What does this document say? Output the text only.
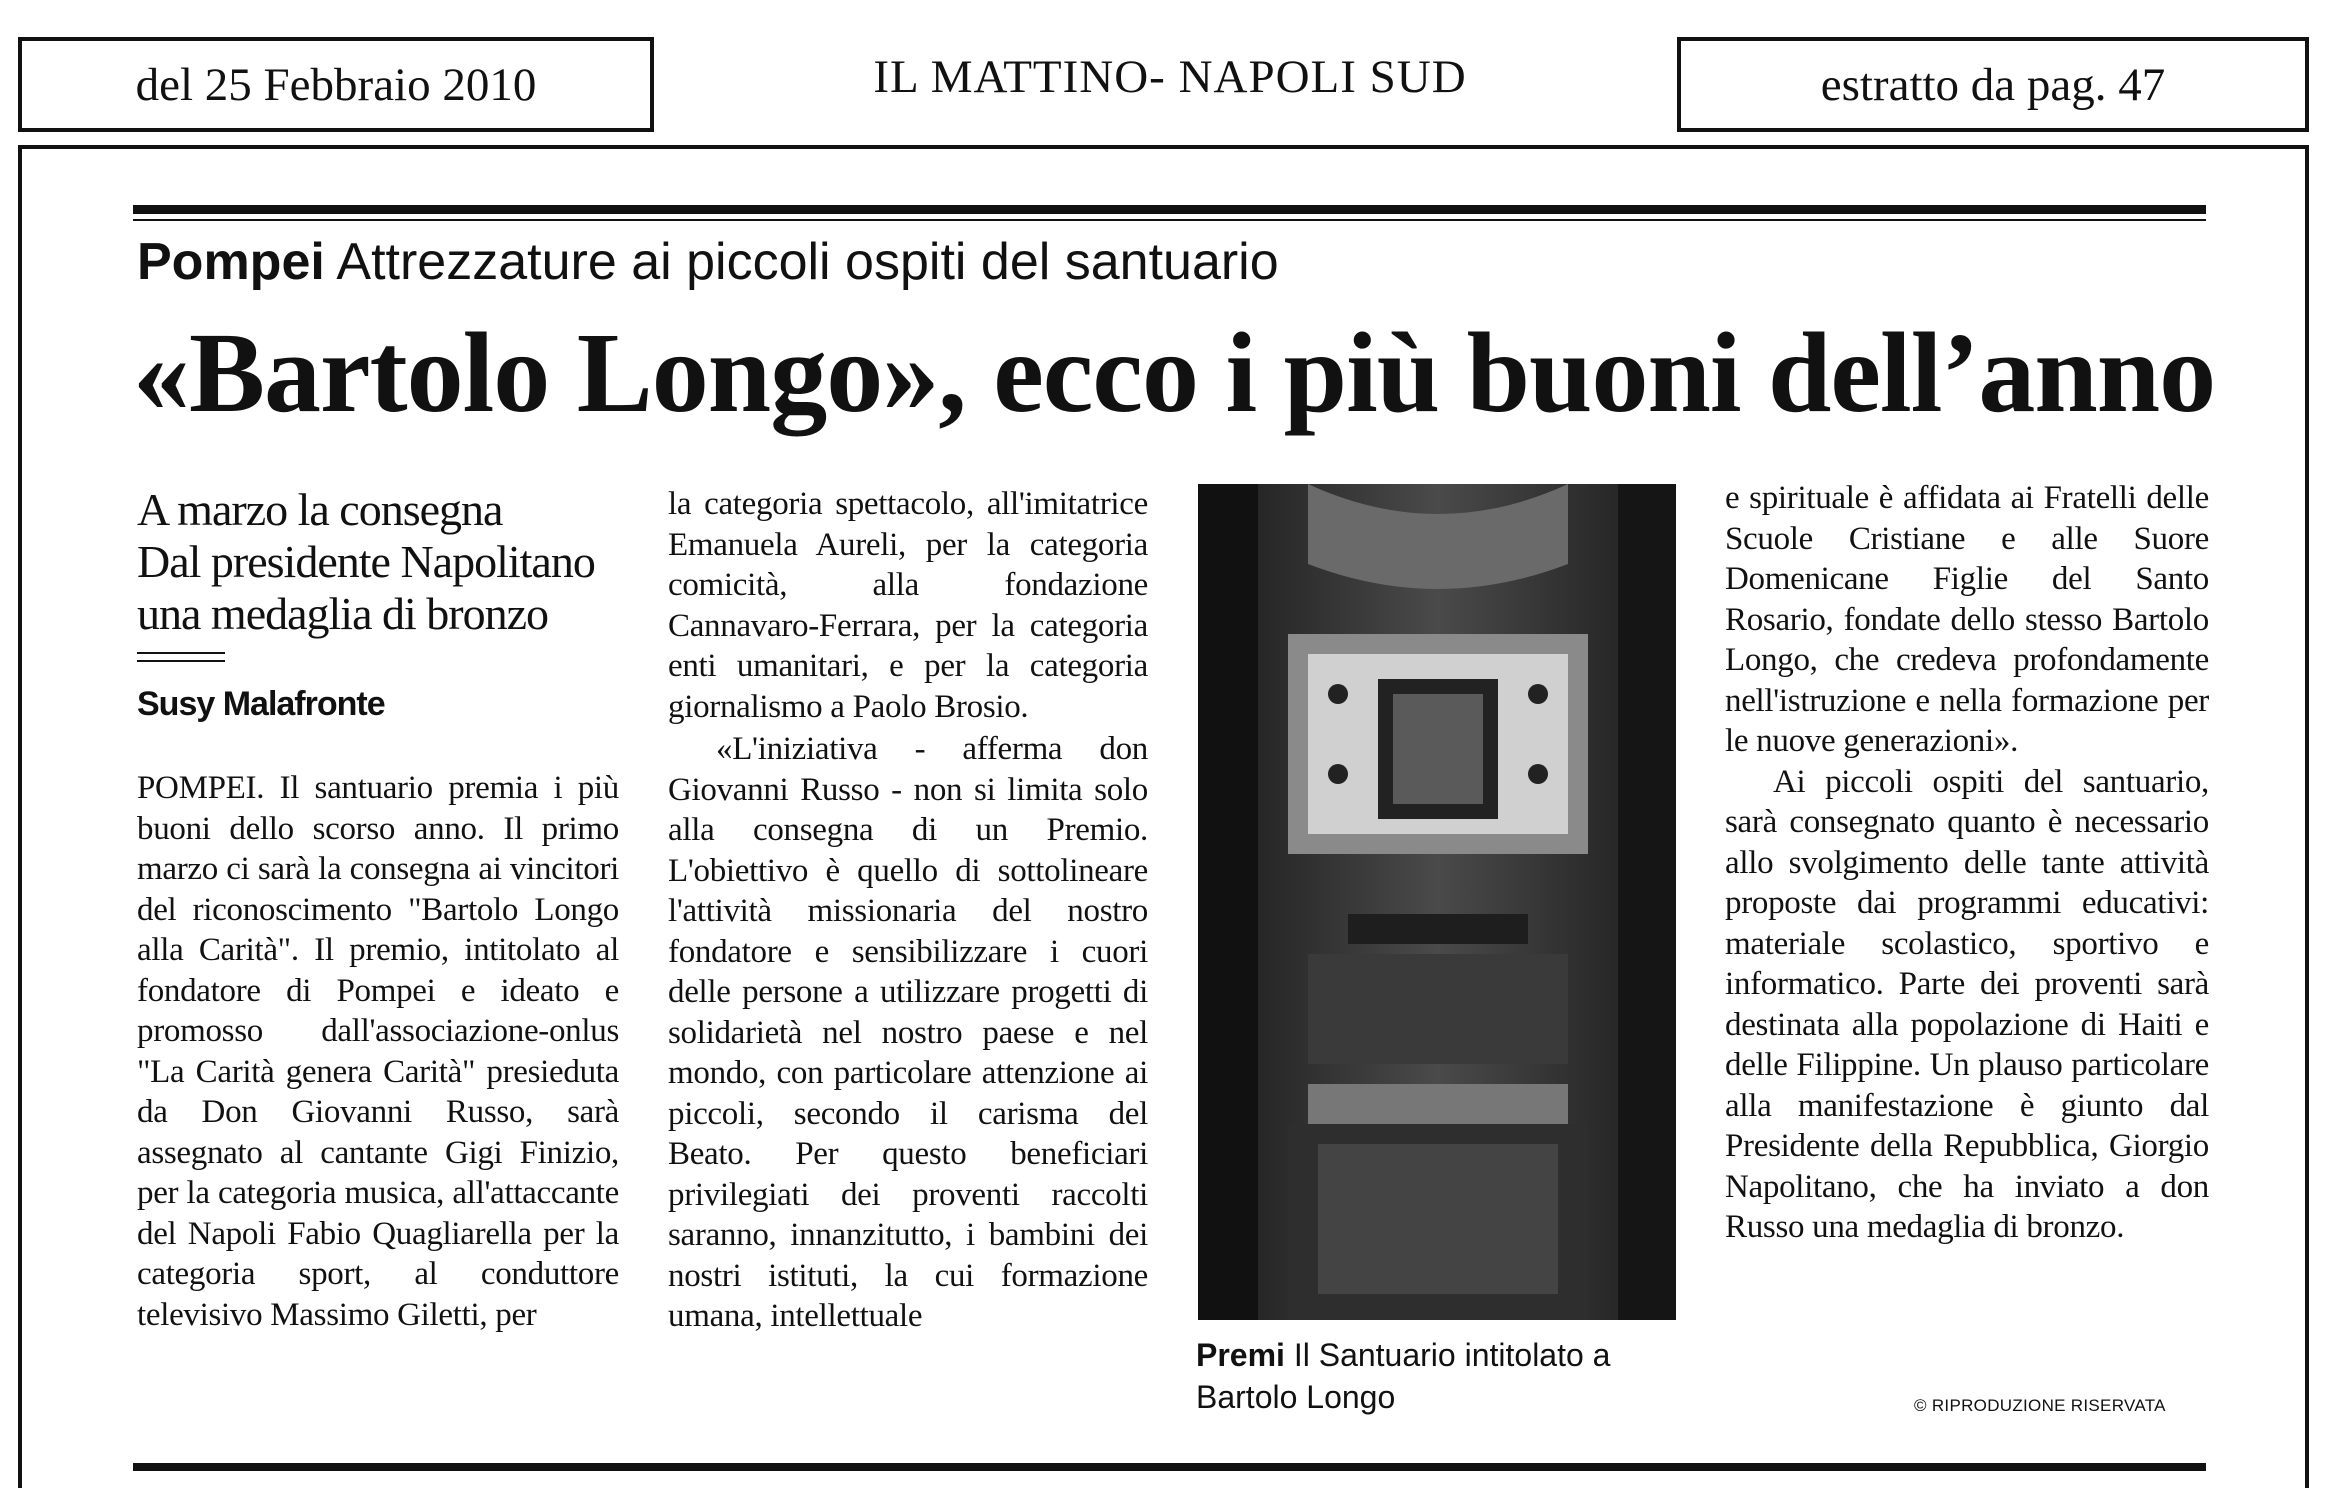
del 25 Febbraio 2010	IL MATTINO- NAPOLI SUD	estratto da pag. 47
Pompei Attrezzature ai piccoli ospiti del santuario
«Bartolo Longo», ecco i più buoni dell’anno
A marzo la consegna
Dal presidente Napolitano
una medaglia di bronzo
Susy Malafronte

POMPEI. Il santuario premia i più buoni dello scorso anno. Il primo marzo ci sarà la consegna ai vincitori del riconoscimento "Bartolo Longo alla Carità". Il premio, intitolato al fondatore di Pompei e ideato e promosso dall'associazione-onlus "La Carità genera Carità" presieduta da Don Giovanni Russo, sarà assegnato al cantante Gigi Finizio, per la categoria musica, all'attaccante del Napoli Fabio Quagliarella per la categoria sport, al conduttore televisivo Massimo Giletti, per

la categoria spettacolo, all'imitatrice Emanuela Aureli, per la categoria comicità, alla fondazione Cannavaro-Ferrara, per la categoria enti umanitari, e per la categoria giornalismo a Paolo Brosio.

«L'iniziativa - afferma don Giovanni Russo - non si limita solo alla consegna di un Premio. L'obiettivo è quello di sottolineare l'attività missionaria del nostro fondatore e sensibilizzare i cuori delle persone a utilizzare progetti di solidarietà nel nostro paese e nel mondo, con particolare attenzione ai piccoli, secondo il carisma del Beato. Per questo beneficiari privilegiati dei proventi raccolti saranno, innanzitutto, i bambini dei nostri istituti, la cui formazione umana, intellettuale

Premi Il Santuario intitolato a Bartolo Longo

e spirituale è affidata ai Fratelli delle Scuole Cristiane e alle Suore Domenicane Figlie del Santo Rosario, fondate dello stesso Bartolo Longo, che credeva profondamente nell'istruzione e nella formazione per le nuove generazioni».

Ai piccoli ospiti del santuario, sarà consegnato quanto è necessario allo svolgimento delle tante attività proposte dai programmi educativi: materiale scolastico, sportivo e informatico. Parte dei proventi sarà destinata alla popolazione di Haiti e delle Filippine. Un plauso particolare alla manifestazione è giunto dal Presidente della Repubblica, Giorgio Napolitano, che ha inviato a don Russo una medaglia di bronzo.

© RIPRODUZIONE RISERVATA
